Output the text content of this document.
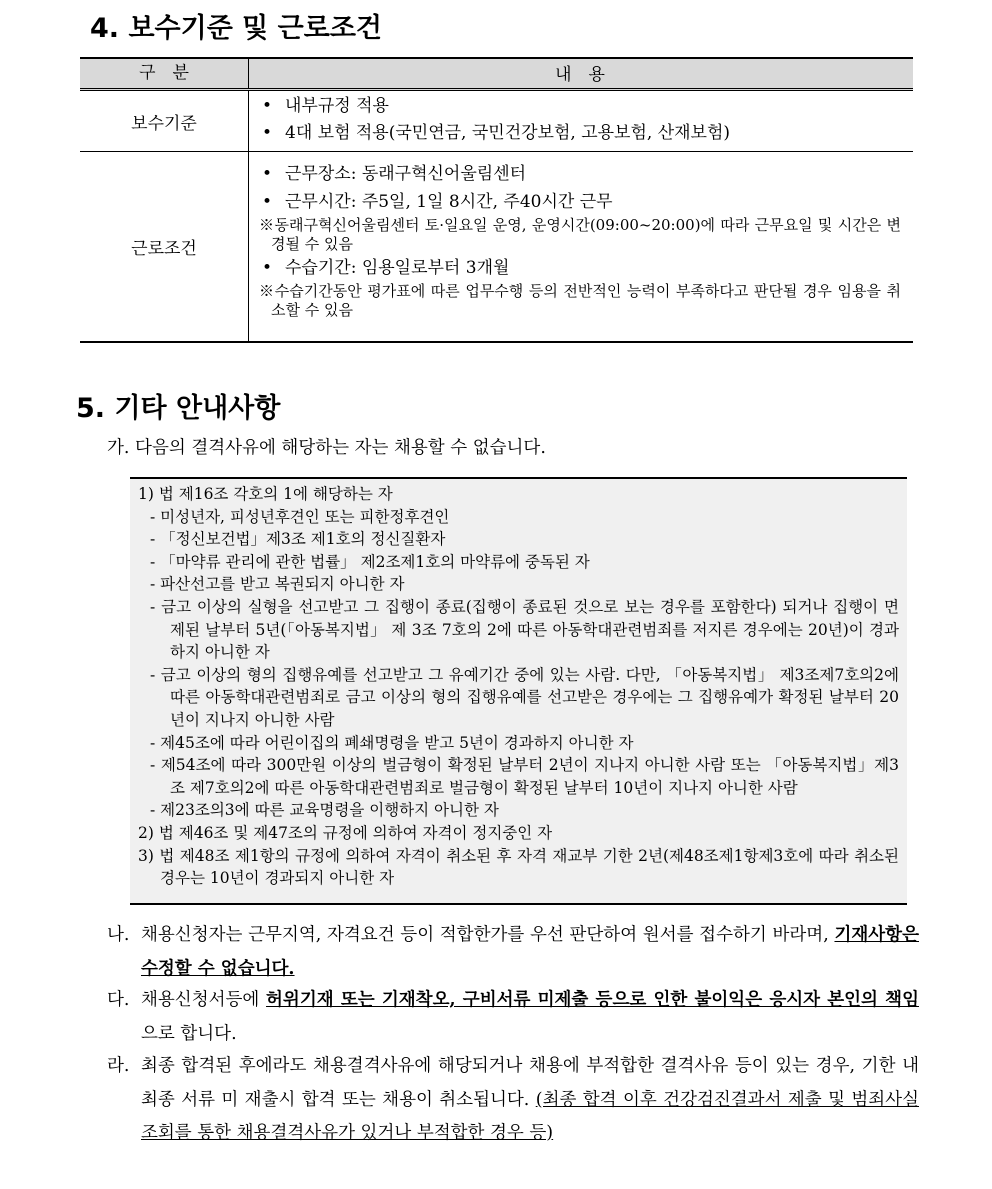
4. 보수기준 및 근로조건
구　분	내　용
보수기준
• 내부규정 적용
• 4대 보험 적용(국민연금, 국민건강보험, 고용보험, 산재보험)
근로조건
• 근무장소: 동래구혁신어울림센터
• 근무시간: 주5일, 1일 8시간, 주40시간 근무
※동래구혁신어울림센터 토·일요일 운영, 운영시간(09:00~20:00)에 따라 근무요일 및 시간은 변경될 수 있음
• 수습기간: 임용일로부터 3개월
※수습기간동안 평가표에 따른 업무수행 등의 전반적인 능력이 부족하다고 판단될 경우 임용을 취소할 수 있음
5. 기타 안내사항
가. 다음의 결격사유에 해당하는 자는 채용할 수 없습니다.
1) 법 제16조 각호의 1에 해당하는 자
- 미성년자, 피성년후견인 또는 피한정후견인
- 「정신보건법」제3조 제1호의 정신질환자
- 「마약류 관리에 관한 법률」 제2조제1호의 마약류에 중독된 자
- 파산선고를 받고 복권되지 아니한 자
- 금고 이상의 실형을 선고받고 그 집행이 종료(집행이 종료된 것으로 보는 경우를 포함한다) 되거나 집행이 면제된 날부터 5년(「아동복지법」 제 3조 7호의 2에 따른 아동학대관련범죄를 저지른 경우에는 20년)이 경과하지 아니한 자
- 금고 이상의 형의 집행유예를 선고받고 그 유예기간 중에 있는 사람. 다만, 「아동복지법」 제3조제7호의2에 따른 아동학대관련범죄로 금고 이상의 형의 집행유예를 선고받은 경우에는 그 집행유예가 확정된 날부터 20년이 지나지 아니한 사람
- 제45조에 따라 어린이집의 폐쇄명령을 받고 5년이 경과하지 아니한 자
- 제54조에 따라 300만원 이상의 벌금형이 확정된 날부터 2년이 지나지 아니한 사람 또는 「아동복지법」제3조 제7호의2에 따른 아동학대관련범죄로 벌금형이 확정된 날부터 10년이 지나지 아니한 사람
- 제23조의3에 따른 교육명령을 이행하지 아니한 자
2) 법 제46조 및 제47조의 규정에 의하여 자격이 정지중인 자
3) 법 제48조 제1항의 규정에 의하여 자격이 취소된 후 자격 재교부 기한 2년(제48조제1항제3호에 따라 취소된 경우는 10년이 경과되지 아니한 자
나. 채용신청자는 근무지역, 자격요건 등이 적합한가를 우선 판단하여 원서를 접수하기 바라며, 기재사항은 수정할 수 없습니다.
다. 채용신청서등에 허위기재 또는 기재착오, 구비서류 미제출 등으로 인한 불이익은 응시자 본인의 책임으로 합니다.
라. 최종 합격된 후에라도 채용결격사유에 해당되거나 채용에 부적합한 결격사유 등이 있는 경우, 기한 내 최종 서류 미 재출시 합격 또는 채용이 취소됩니다. (최종 합격 이후 건강검진결과서 제출 및 범죄사실 조회를 통한 채용결격사유가 있거나 부적합한 경우 등)
